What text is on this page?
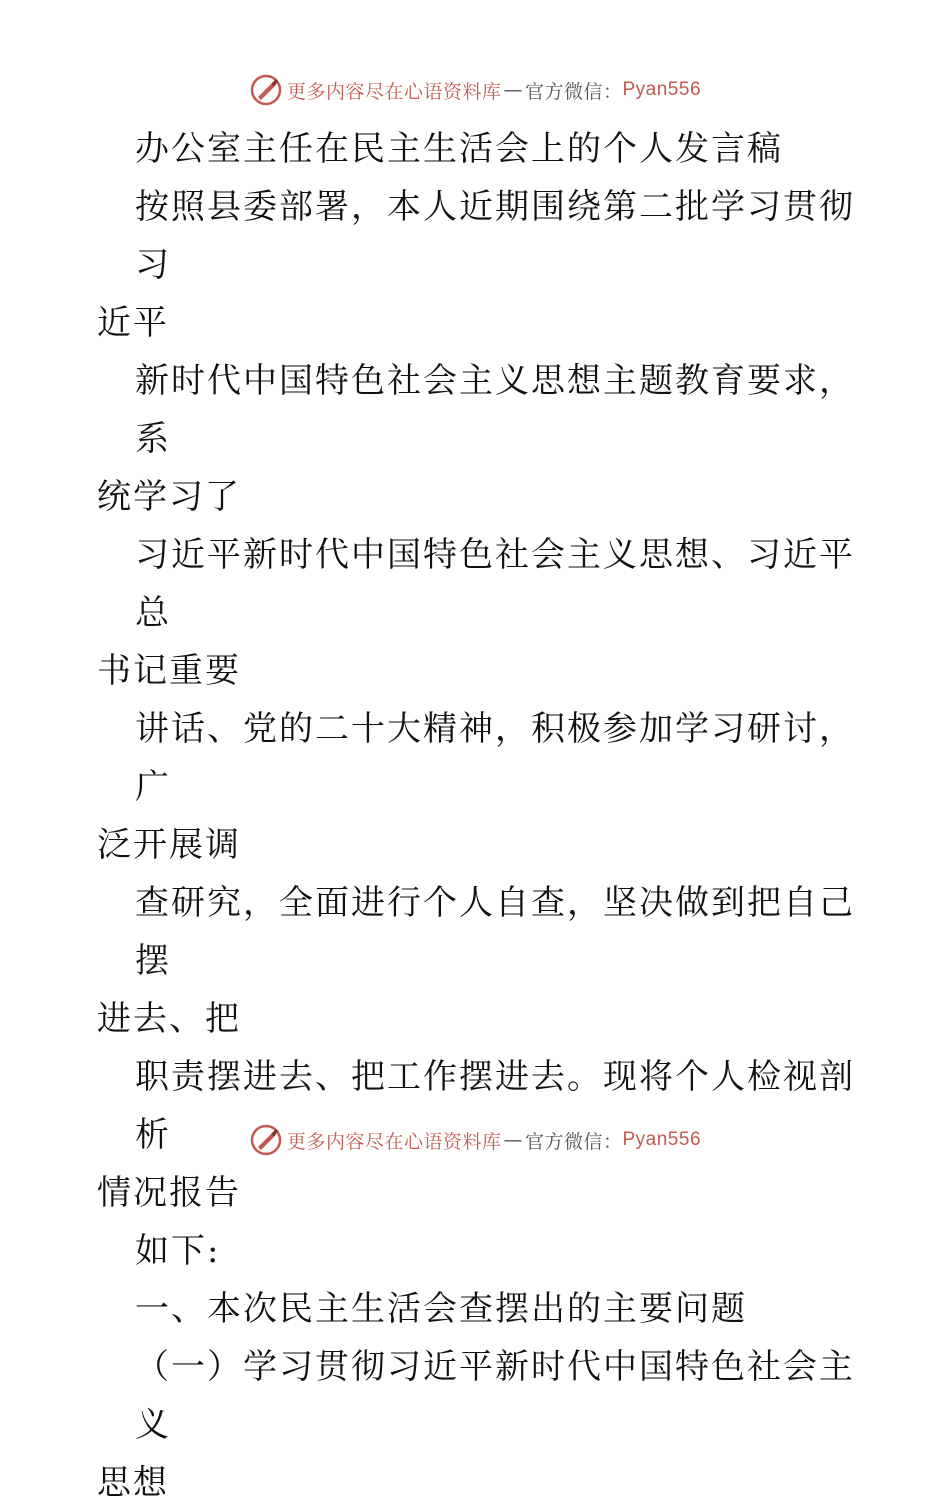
更多内容尽在心语资料库 — 官方微信： Pyan556

办公室主任在民主生活会上的个人发言稿

按照县委部署，本人近期围绕第二批学习贯彻习

近平

新时代中国特色社会主义思想主题教育要求，系

统学习了

习近平新时代中国特色社会主义思想、习近平总

书记重要

讲话、党的二十大精神，积极参加学习研讨，广

泛开展调

查研究，全面进行个人自查，坚决做到把自己摆

进去、把

职责摆进去、把工作摆进去。现将个人检视剖析

情况报告

如下:

一、本次民主生活会查摆出的主要问题

（一）学习贯彻习近平新时代中国特色社会主义

思想

更多内容尽在心语资料库 — 官方微信： Pyan556
